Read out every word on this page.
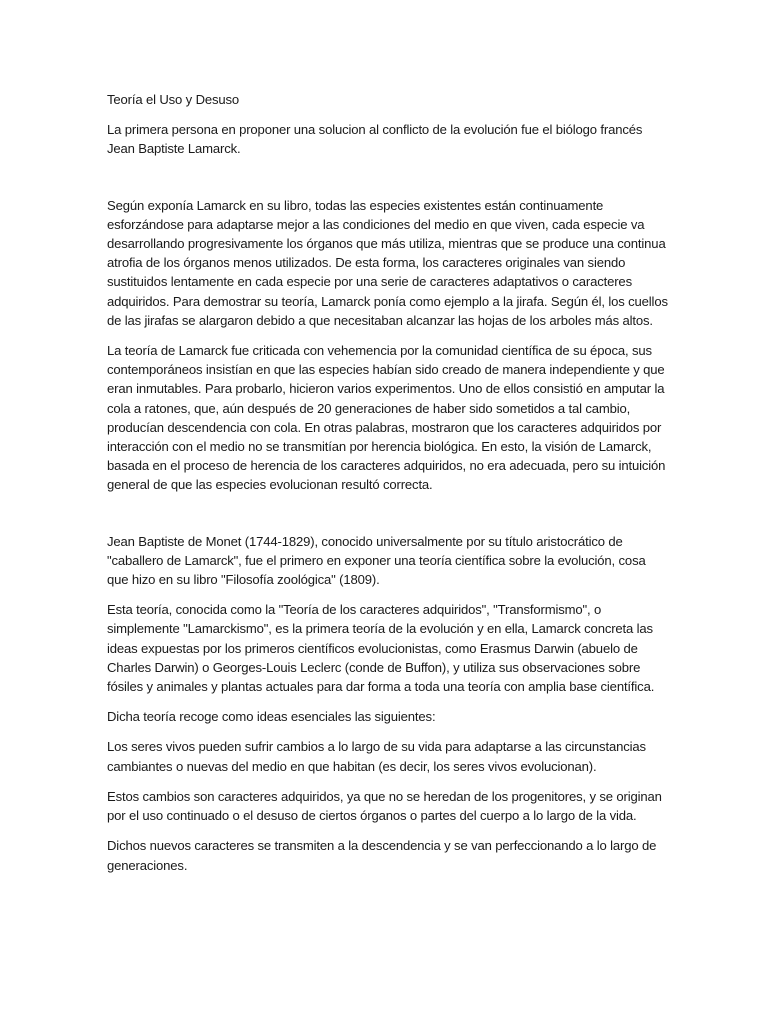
Teoría el Uso y Desuso

La primera persona en proponer una solucion al conflicto de la evolución fue el biólogo francés Jean Baptiste Lamarck.

Según exponía Lamarck en su libro, todas las especies existentes están continuamente esforzándose para adaptarse mejor a las condiciones del medio en que viven, cada especie va desarrollando progresivamente los órganos que más utiliza, mientras que se produce una continua atrofia de los órganos menos utilizados. De esta forma, los caracteres originales van siendo sustituidos lentamente en cada especie por una serie de caracteres adaptativos o caracteres adquiridos. Para demostrar su teoría, Lamarck ponía como ejemplo a la jirafa. Según él, los cuellos de las jirafas se alargaron debido a que necesitaban alcanzar las hojas de los arboles más altos.

La teoría de Lamarck fue criticada con vehemencia por la comunidad científica de su época, sus contemporáneos insistían en que las especies habían sido creado de manera independiente y que eran inmutables. Para probarlo, hicieron varios experimentos. Uno de ellos consistió en amputar la cola a ratones, que, aún después de 20 generaciones de haber sido sometidos a tal cambio, producían descendencia con cola. En otras palabras, mostraron que los caracteres adquiridos por interacción con el medio no se transmitían por herencia biológica. En esto, la visión de Lamarck, basada en el proceso de herencia de los caracteres adquiridos, no era adecuada, pero su intuición general de que las especies evolucionan resultó correcta.

Jean Baptiste de Monet (1744-1829), conocido universalmente por su título aristocrático de "caballero de Lamarck", fue el primero en exponer una teoría científica sobre la evolución, cosa que hizo en su libro "Filosofía zoológica" (1809).

Esta teoría, conocida como la "Teoría de los caracteres adquiridos", "Transformismo", o simplemente "Lamarckismo", es la primera teoría de la evolución y en ella, Lamarck concreta las ideas expuestas por los primeros científicos evolucionistas, como Erasmus Darwin (abuelo de Charles Darwin) o Georges-Louis Leclerc (conde de Buffon), y utiliza sus observaciones sobre fósiles y animales y plantas actuales para dar forma a toda una teoría con amplia base científica.

Dicha teoría recoge como ideas esenciales las siguientes:

Los seres vivos pueden sufrir cambios a lo largo de su vida para adaptarse a las circunstancias cambiantes o nuevas del medio en que habitan (es decir, los seres vivos evolucionan).

Estos cambios son caracteres adquiridos, ya que no se heredan de los progenitores, y se originan por el uso continuado o el desuso de ciertos órganos o partes del cuerpo a lo largo de la vida.

Dichos nuevos caracteres se transmiten a la descendencia y se van perfeccionando a lo largo de generaciones.
